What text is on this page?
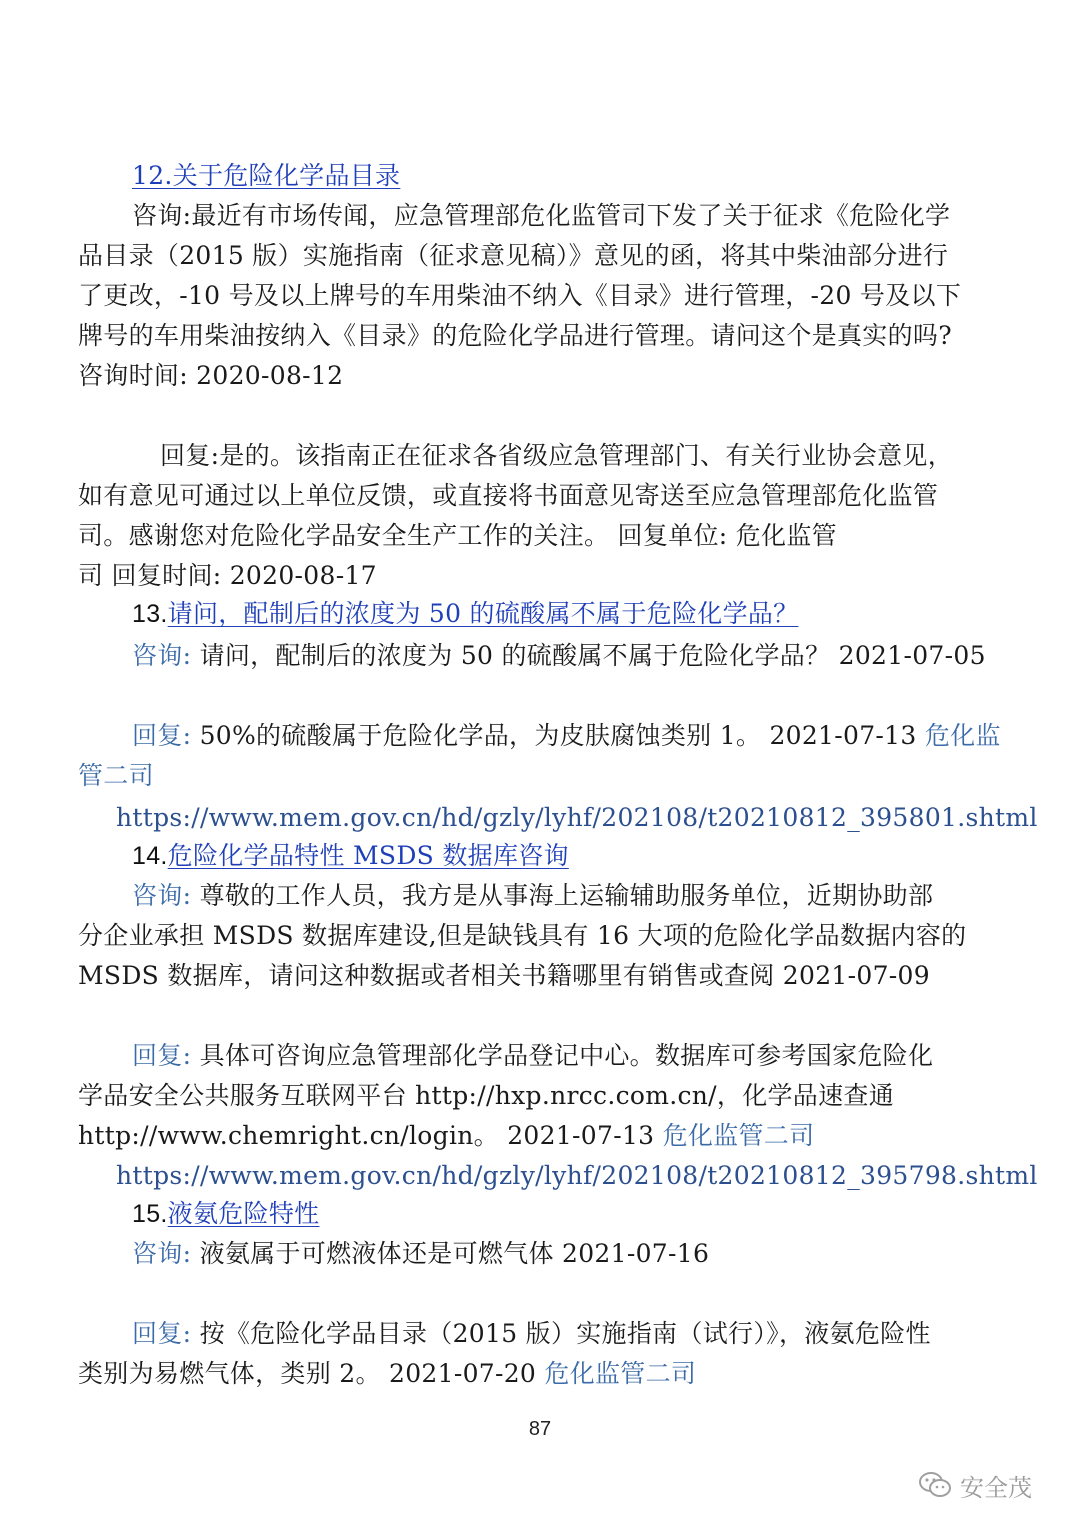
12.关于危险化学品目录
咨询:最近有市场传闻，应急管理部危化监管司下发了关于征求《危险化学
品目录（2015 版）实施指南（征求意见稿）》意见的函，将其中柴油部分进行
了更改，-10 号及以上牌号的车用柴油不纳入《目录》进行管理，-20 号及以下
牌号的车用柴油按纳入《目录》的危险化学品进行管理。请问这个是真实的吗?
咨询时间: 2020-08-12
回复:是的。该指南正在征求各省级应急管理部门、有关行业协会意见，
如有意见可通过以上单位反馈，或直接将书面意见寄送至应急管理部危化监管
司。感谢您对危险化学品安全生产工作的关注。 回复单位: 危化监管
司 回复时间: 2020-08-17
13.请问，配制后的浓度为 50 的硫酸属不属于危险化学品？
咨询: 请问，配制后的浓度为 50 的硫酸属不属于危险化学品？ 2021-07-05
回复: 50%的硫酸属于危险化学品，为皮肤腐蚀类别 1。 2021-07-13 危化监
管二司
https://www.mem.gov.cn/hd/gzly/lyhf/202108/t20210812_395801.shtml
14.危险化学品特性 MSDS 数据库咨询
咨询: 尊敬的工作人员，我方是从事海上运输辅助服务单位，近期协助部
分企业承担 MSDS 数据库建设,但是缺钱具有 16 大项的危险化学品数据内容的
MSDS 数据库，请问这种数据或者相关书籍哪里有销售或查阅 2021-07-09
回复: 具体可咨询应急管理部化学品登记中心。数据库可参考国家危险化
学品安全公共服务互联网平台 http://hxp.nrcc.com.cn/，化学品速查通
http://www.chemright.cn/login。 2021-07-13 危化监管二司
https://www.mem.gov.cn/hd/gzly/lyhf/202108/t20210812_395798.shtml
15.液氨危险特性
咨询: 液氨属于可燃液体还是可燃气体 2021-07-16
回复: 按《危险化学品目录（2015 版）实施指南（试行）》，液氨危险性
类别为易燃气体，类别 2。 2021-07-20 危化监管二司
87
安全茂
